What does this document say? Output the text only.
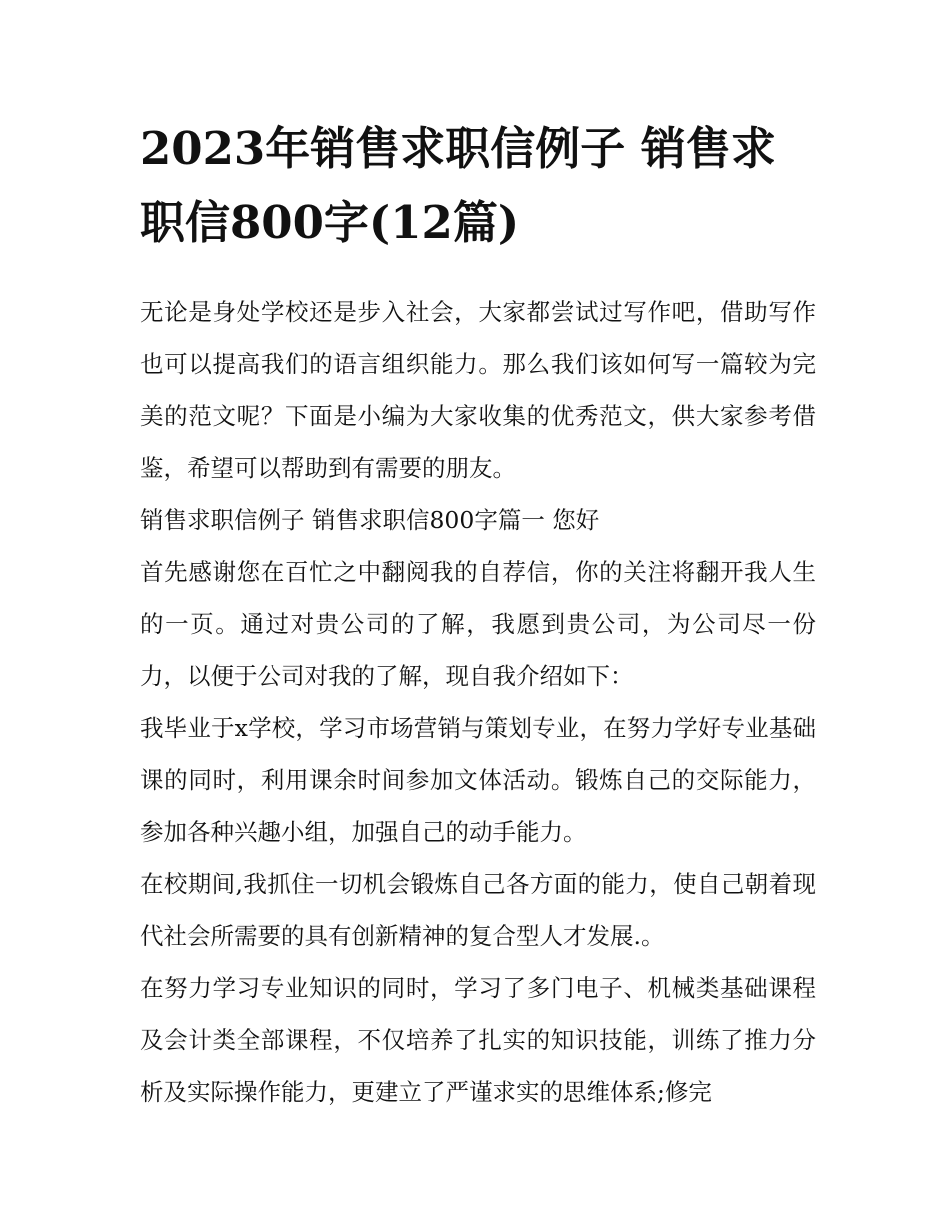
2023年销售求职信例子 销售求职信800字(12篇)

无论是身处学校还是步入社会，大家都尝试过写作吧，借助写作也可以提高我们的语言组织能力。那么我们该如何写一篇较为完美的范文呢？下面是小编为大家收集的优秀范文，供大家参考借鉴，希望可以帮助到有需要的朋友。

销售求职信例子 销售求职信800字篇一 您好

首先感谢您在百忙之中翻阅我的自荐信，你的关注将翻开我人生的一页。通过对贵公司的了解，我愿到贵公司，为公司尽一份力，以便于公司对我的了解，现自我介绍如下：

我毕业于x学校，学习市场营销与策划专业，在努力学好专业基础课的同时，利用课余时间参加文体活动。锻炼自己的交际能力，参加各种兴趣小组，加强自己的动手能力。

在校期间,我抓住一切机会锻炼自己各方面的能力，使自己朝着现代社会所需要的具有创新精神的复合型人才发展.。

在努力学习专业知识的同时，学习了多门电子、机械类基础课程及会计类全部课程，不仅培养了扎实的知识技能，训练了推力分析及实际操作能力，更建立了严谨求实的思维体系;修完
